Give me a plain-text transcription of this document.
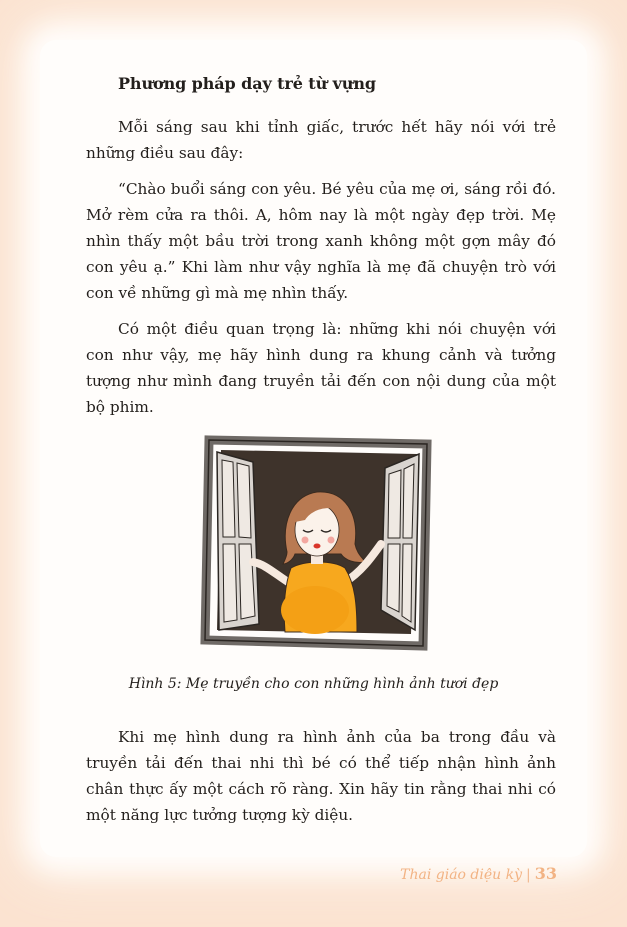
Phương pháp dạy trẻ từ vựng

Mỗi sáng sau khi tỉnh giấc, trước hết hãy nói với trẻ những điều sau đây:

“Chào buổi sáng con yêu. Bé yêu của mẹ ơi, sáng rồi đó. Mở rèm cửa ra thôi. A, hôm nay là một ngày đẹp trời. Mẹ nhìn thấy một bầu trời trong xanh không một gợn mây đó con yêu ạ.” Khi làm như vậy nghĩa là mẹ đã chuyện trò với con về những gì mà mẹ nhìn thấy.

Có một điều quan trọng là: những khi nói chuyện với con như vậy, mẹ hãy hình dung ra khung cảnh và tưởng tượng như mình đang truyền tải đến con nội dung của một bộ phim.

Hình 5: Mẹ truyền cho con những hình ảnh tươi đẹp

Khi mẹ hình dung ra hình ảnh của ba trong đầu và truyền tải đến thai nhi thì bé có thể tiếp nhận hình ảnh chân thực ấy một cách rõ ràng. Xin hãy tin rằng thai nhi có một năng lực tưởng tượng kỳ diệu.

Thai giáo diệu kỳ | 33
